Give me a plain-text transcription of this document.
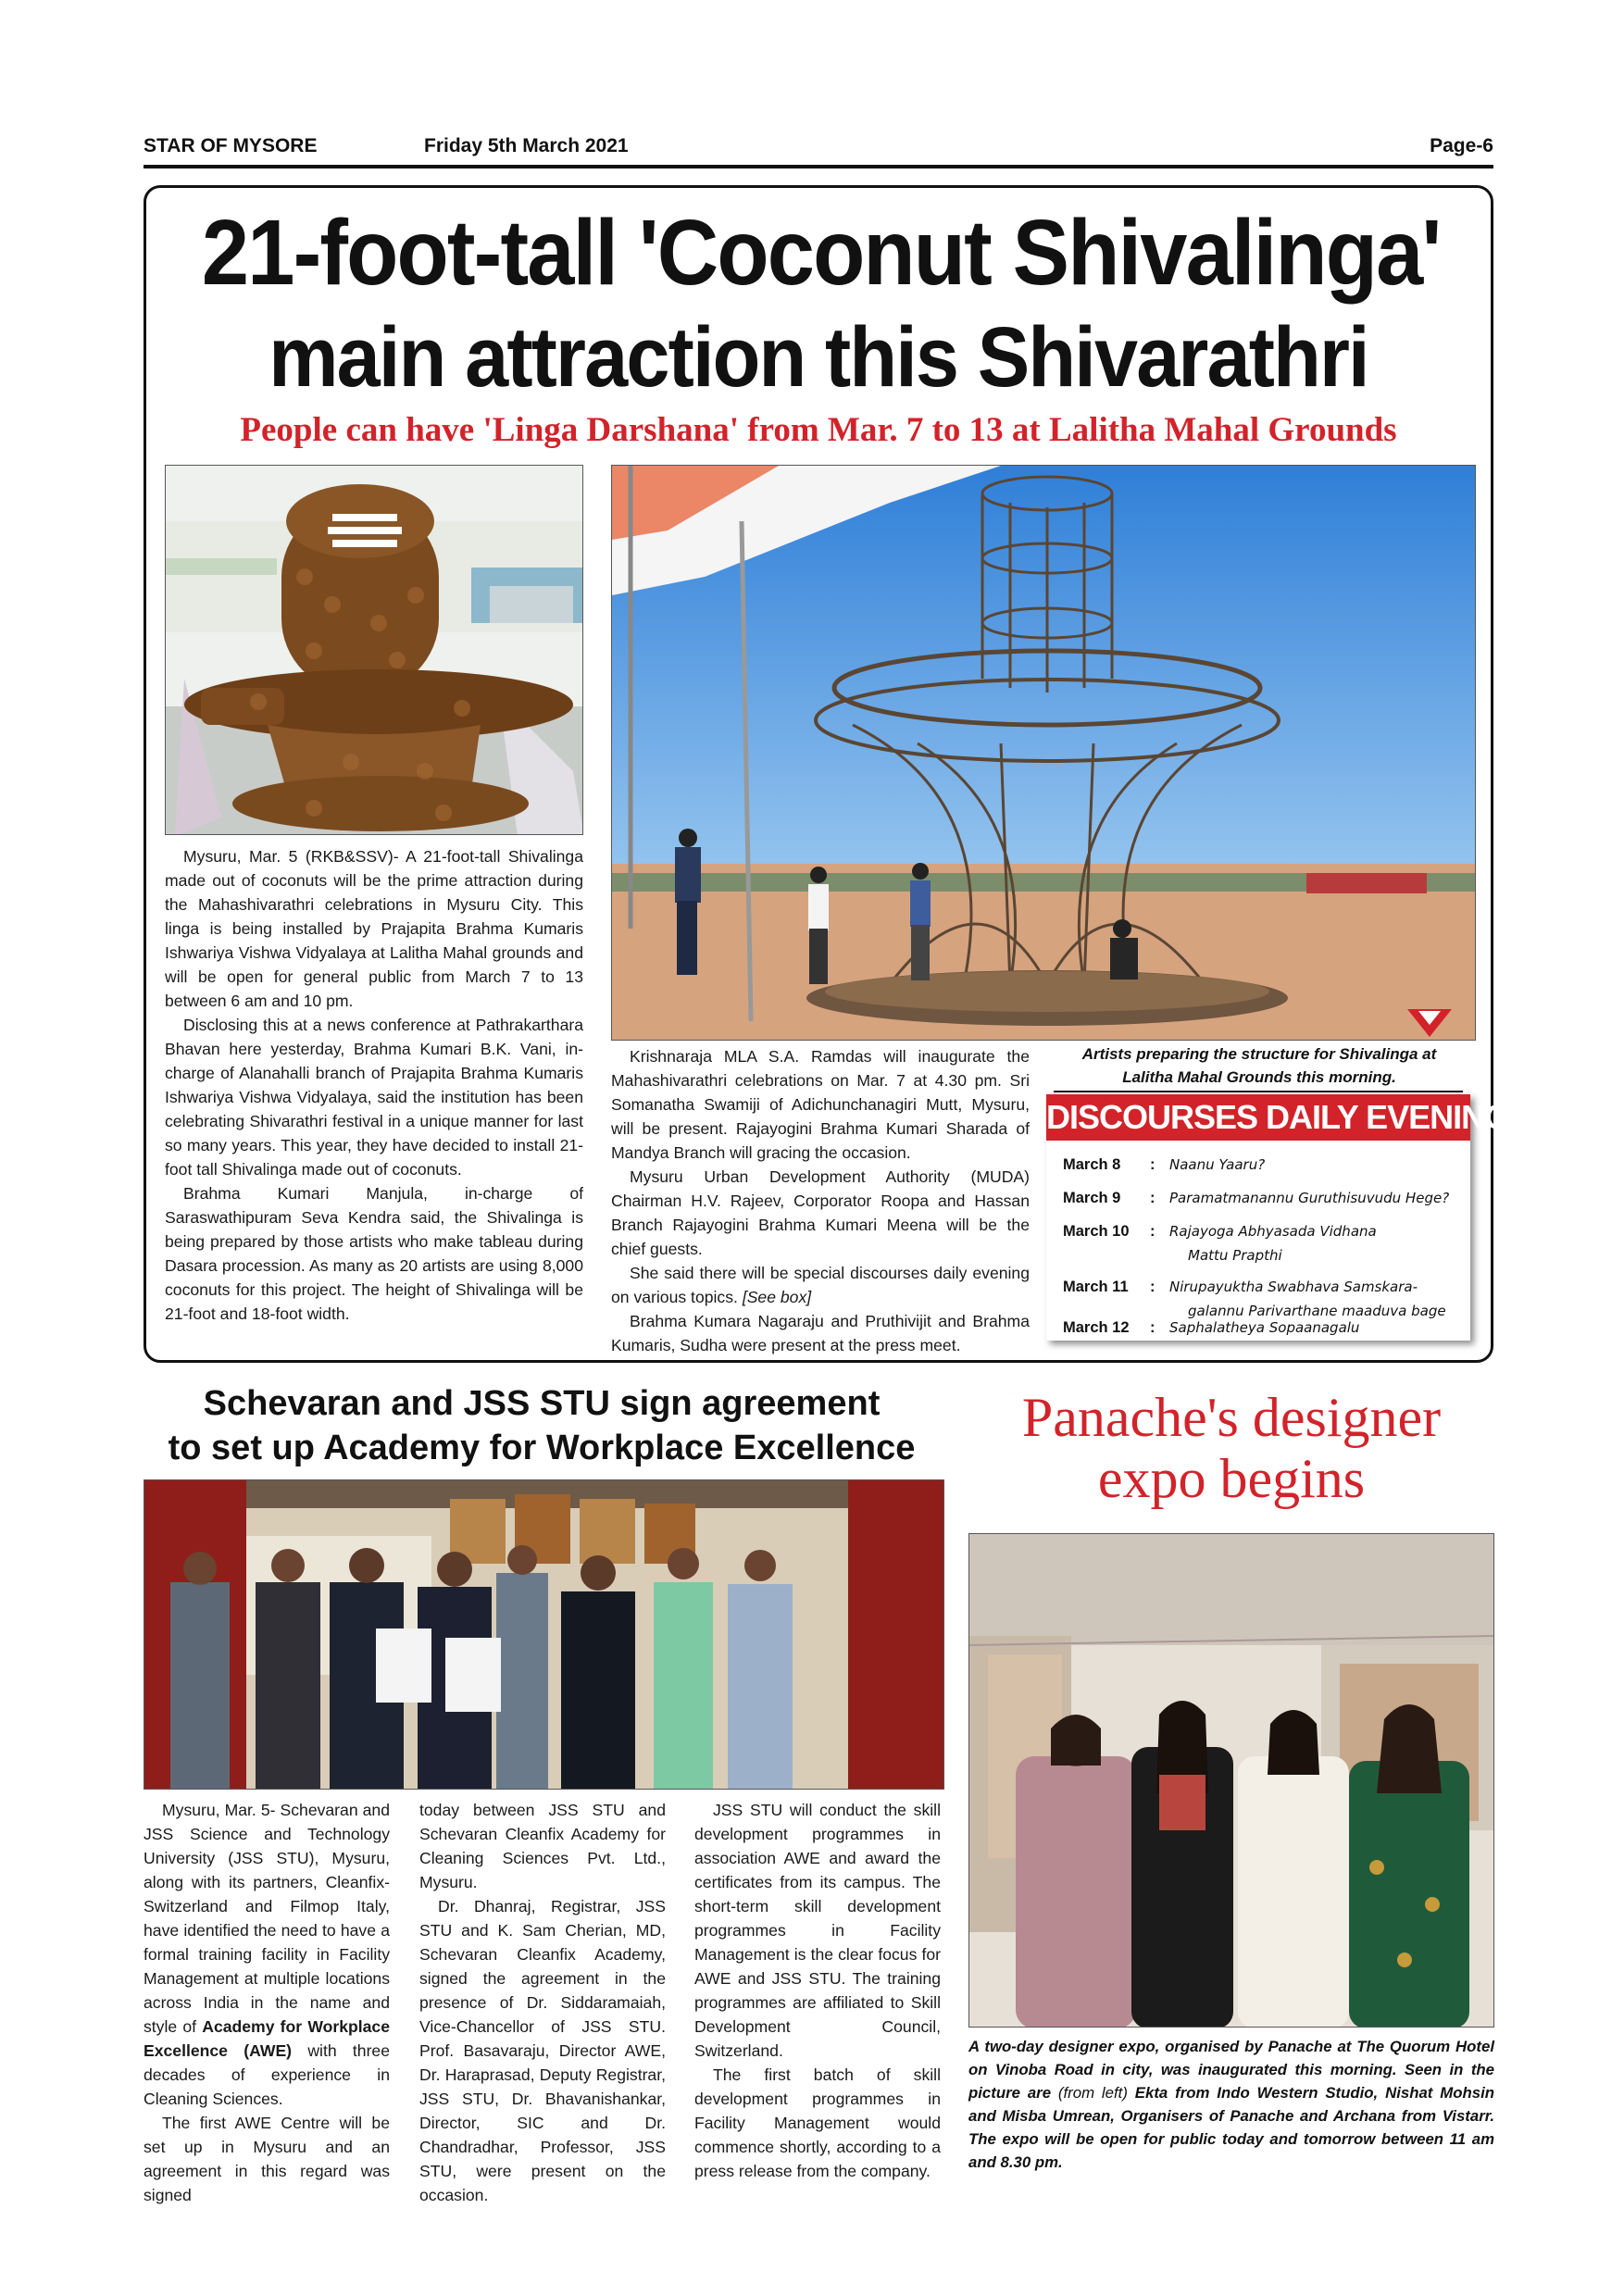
STAR OF MYSORE	Friday 5th March 2021	Page-6
21-foot-tall 'Coconut Shivalinga'
main attraction this Shivarathri
People can have 'Linga Darshana' from Mar. 7 to 13 at Lalitha Mahal Grounds

Mysuru, Mar. 5 (RKB&SSV)- A 21-foot-tall Shivalinga made out of coconuts will be the prime attraction during the Mahashivarathri celebrations in Mysuru City. This linga is being installed by Prajapita Brahma Kumaris Ishwariya Vishwa Vidyalaya at Lalitha Mahal grounds and will be open for general public from March 7 to 13 between 6 am and 10 pm.

Disclosing this at a news conference at Pathrakarthara Bhavan here yesterday, Brahma Kumari B.K. Vani, in-charge of Alanahalli branch of Prajapita Brahma Kumaris Ishwariya Vishwa Vidyalaya, said the institution has been celebrating Shivarathri festival in a unique manner for last so many years. This year, they have decided to install 21-foot tall Shivalinga made out of coconuts.

Brahma Kumari Manjula, in-charge of Saraswathipuram Seva Kendra said, the Shivalinga is being prepared by those artists who make tableau during Dasara procession. As many as 20 artists are using 8,000 coconuts for this project. The height of Shivalinga will be 21-foot and 18-foot width.

Krishnaraja MLA S.A. Ramdas will inaugurate the Mahashivarathri celebrations on Mar. 7 at 4.30 pm. Sri Somanatha Swamiji of Adichunchanagiri Mutt, Mysuru, will be present. Rajayogini Brahma Kumari Sharada of Mandya Branch will gracing the occasion.

Mysuru Urban Development Authority (MUDA) Chairman H.V. Rajeev, Corporator Roopa and Hassan Branch Rajayogini Brahma Kumari Meena will be the chief guests.

She said there will be special discourses daily evening on various topics. [See box]

Brahma Kumara Nagaraju and Pruthivijit and Brahma Kumaris, Sudha were present at the press meet.

Artists preparing the structure for Shivalinga at Lalitha Mahal Grounds this morning.
DISCOURSES DAILY EVENING
March 8	: Naanu Yaaru?
March 9	: Paramatmanannu Guruthisuvudu Hege?
March 10	: Rajayoga Abhyasada Vidhana
Mattu Prapthi
March 11	: Nirupayuktha Swabhava Samskara-
galannu Parivarthane maaduva bage
March 12	: Saphalatheya Sopaanagalu
Schevaran and JSS STU sign agreement
to set up Academy for Workplace Excellence

Mysuru, Mar. 5- Schevaran and JSS Science and Technology University (JSS STU), Mysuru, along with its partners, Cleanfix-Switzerland and Filmop Italy, have identified the need to have a formal training facility in Facility Management at multiple locations across India in the name and style of Academy for Workplace Excellence (AWE) with three decades of experience in Cleaning Sciences.

The first AWE Centre will be set up in Mysuru and an agreement in this regard was signed

today between JSS STU and Schevaran Cleanfix Academy for Cleaning Sciences Pvt. Ltd., Mysuru.

Dr. Dhanraj, Registrar, JSS STU and K. Sam Cherian, MD, Schevaran Cleanfix Academy, signed the agreement in the presence of Dr. Siddaramaiah, Vice-Chancellor of JSS STU. Prof. Basavaraju, Director AWE, Dr. Haraprasad, Deputy Registrar, JSS STU, Dr. Bhavanishankar, Director, SIC and Dr. Chandradhar, Professor, JSS STU, were present on the occasion.

JSS STU will conduct the skill development programmes in association AWE and award the certificates from its campus. The short-term skill development programmes in Facility Management is the clear focus for AWE and JSS STU. The training programmes are affiliated to Skill Development Council, Switzerland.

The first batch of skill development programmes in Facility Management would commence shortly, according to a press release from the company.

Panache's designer
expo begins
A two-day designer expo, organised by Panache at The Quorum Hotel on Vinoba Road in city, was inaugurated this morning. Seen in the picture are (from left) Ekta from Indo Western Studio, Nishat Mohsin and Misba Umrean, Organisers of Panache and Archana from Vistarr. The expo will be open for public today and tomorrow between 11 am and 8.30 pm.
